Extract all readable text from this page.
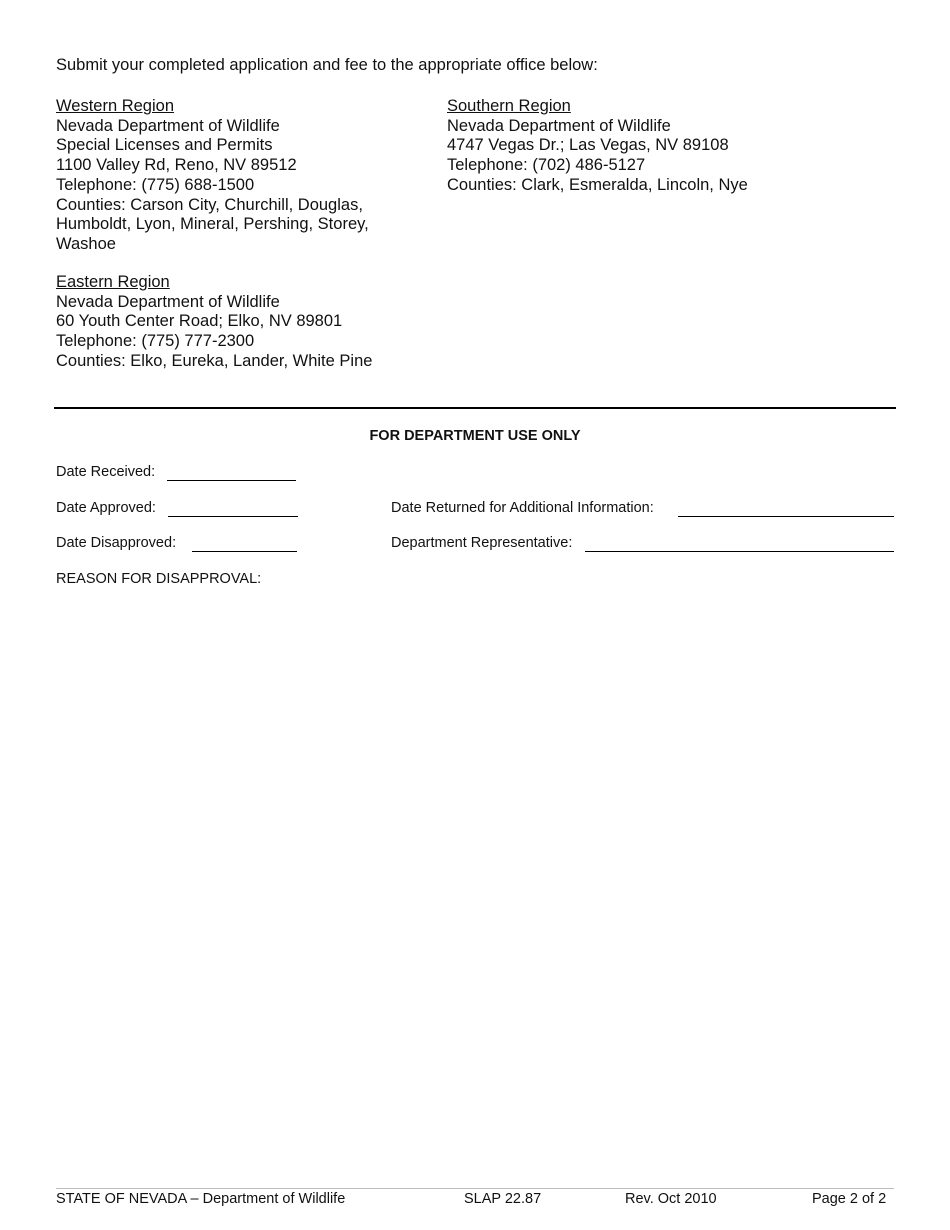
Submit your completed application and fee to the appropriate office below:
Western Region
Nevada Department of Wildlife
Special Licenses and Permits
1100 Valley Rd, Reno, NV 89512
Telephone: (775) 688-1500
Counties: Carson City, Churchill, Douglas,
Humboldt, Lyon, Mineral, Pershing, Storey,
Washoe
Southern Region
Nevada Department of Wildlife
4747 Vegas Dr.; Las Vegas, NV 89108
Telephone: (702) 486-5127
Counties: Clark, Esmeralda, Lincoln, Nye
Eastern Region
Nevada Department of Wildlife
60 Youth Center Road; Elko, NV 89801
Telephone: (775) 777-2300
Counties: Elko, Eureka, Lander, White Pine
FOR DEPARTMENT USE ONLY
Date Received:
Date Approved:	Date Returned for Additional Information:
Date Disapproved:	Department Representative:
REASON FOR DISAPPROVAL:
STATE OF NEVADA – Department of Wildlife	SLAP 22.87	Rev. Oct 2010	Page 2 of 2
